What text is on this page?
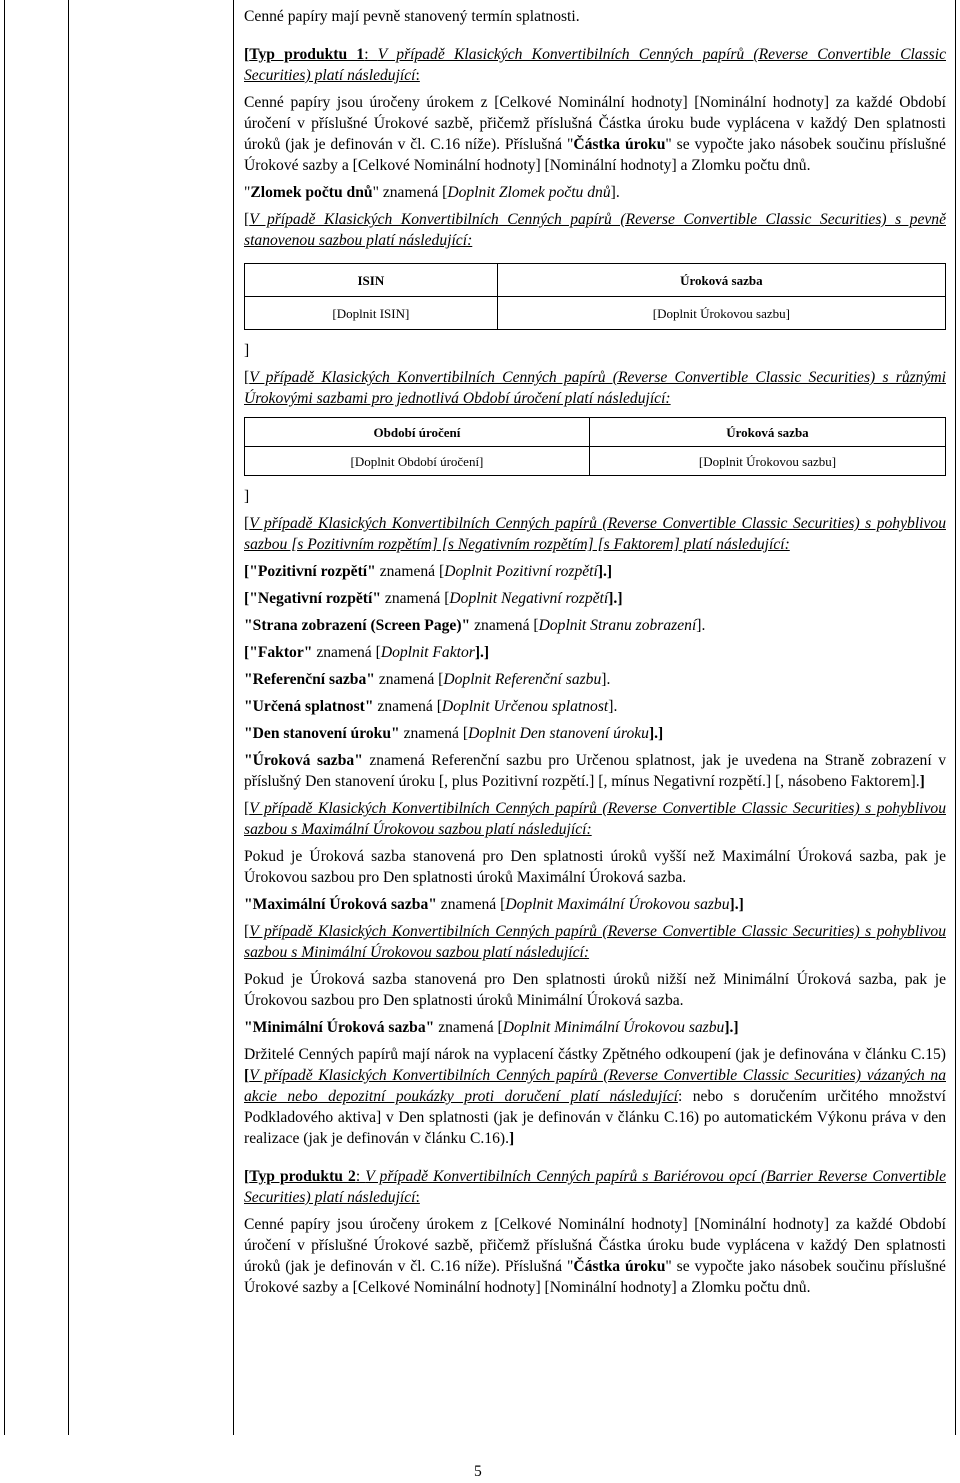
Cenné papíry mají pevně stanovený termín splatnosti.

[Typ produktu 1: V případě Klasických Konvertibilních Cenných papírů (Reverse Convertible Classic Securities) platí následující:

Cenné papíry jsou úročeny úrokem z [Celkové Nominální hodnoty] [Nominální hodnoty] za každé Období úročení v příslušné Úrokové sazbě, přičemž příslušná Částka úroku bude vyplácena v každý Den splatnosti úroků (jak je definován v čl. C.16 níže). Příslušná "Částka úroku" se vypočte jako násobek součinu příslušné Úrokové sazby a [Celkové Nominální hodnoty] [Nominální hodnoty] a Zlomku počtu dnů.

"Zlomek počtu dnů" znamená [Doplnit Zlomek počtu dnů].

[V případě Klasických Konvertibilních Cenných papírů (Reverse Convertible Classic Securities) s pevně stanovenou sazbou platí následující:

ISIN	Úroková sazba
[Doplnit ISIN]	[Doplnit Úrokovou sazbu]

]

[V případě Klasických Konvertibilních Cenných papírů (Reverse Convertible Classic Securities) s různými Úrokovými sazbami pro jednotlivá Období úročení platí následující:

Období úročení	Úroková sazba
[Doplnit Období úročení]	[Doplnit Úrokovou sazbu]

]

[V případě Klasických Konvertibilních Cenných papírů (Reverse Convertible Classic Securities) s pohyblivou sazbou [s Pozitivním rozpětím] [s Negativním rozpětím] [s Faktorem] platí následující:

["Pozitivní rozpětí" znamená [Doplnit Pozitivní rozpětí].]

["Negativní rozpětí" znamená [Doplnit Negativní rozpětí].]

"Strana zobrazení (Screen Page)" znamená [Doplnit Stranu zobrazení].

["Faktor" znamená [Doplnit Faktor].]

"Referenční sazba" znamená [Doplnit Referenční sazbu].

"Určená splatnost" znamená [Doplnit Určenou splatnost].

"Den stanovení úroku" znamená [Doplnit Den stanovení úroku].]

"Úroková sazba" znamená Referenční sazbu pro Určenou splatnost, jak je uvedena na Straně zobrazení v příslušný Den stanovení úroku [, plus Pozitivní rozpětí.] [, mínus Negativní rozpětí.] [, násobeno Faktorem].]

[V případě Klasických Konvertibilních Cenných papírů (Reverse Convertible Classic Securities) s pohyblivou sazbou s Maximální Úrokovou sazbou platí následující:

Pokud je Úroková sazba stanovená pro Den splatnosti úroků vyšší než Maximální Úroková sazba, pak je Úrokovou sazbou pro Den splatnosti úroků Maximální Úroková sazba.

"Maximální Úroková sazba" znamená [Doplnit Maximální Úrokovou sazbu].]

[V případě Klasických Konvertibilních Cenných papírů (Reverse Convertible Classic Securities) s pohyblivou sazbou s Minimální Úrokovou sazbou platí následující:

Pokud je Úroková sazba stanovená pro Den splatnosti úroků nižší než Minimální Úroková sazba, pak je Úrokovou sazbou pro Den splatnosti úroků Minimální Úroková sazba.

"Minimální Úroková sazba" znamená [Doplnit Minimální Úrokovou sazbu].]

Držitelé Cenných papírů mají nárok na vyplacení částky Zpětného odkoupení (jak je definována v článku C.15) [V případě Klasických Konvertibilních Cenných papírů (Reverse Convertible Classic Securities) vázaných na akcie nebo depozitní poukázky proti doručení platí následující: nebo s doručením určitého množství Podkladového aktiva] v Den splatnosti (jak je definován v článku C.16) po automatickém Výkonu práva v den realizace (jak je definován v článku C.16).]

[Typ produktu 2: V případě Konvertibilních Cenných papírů s Bariérovou opcí (Barrier Reverse Convertible Securities) platí následující:

Cenné papíry jsou úročeny úrokem z [Celkové Nominální hodnoty] [Nominální hodnoty] za každé Období úročení v příslušné Úrokové sazbě, přičemž příslušná Částka úroku bude vyplácena v každý Den splatnosti úroků (jak je definován v čl. C.16 níže). Příslušná "Částka úroku" se vypočte jako násobek součinu příslušné Úrokové sazby a [Celkové Nominální hodnoty] [Nominální hodnoty] a Zlomku počtu dnů.

5
